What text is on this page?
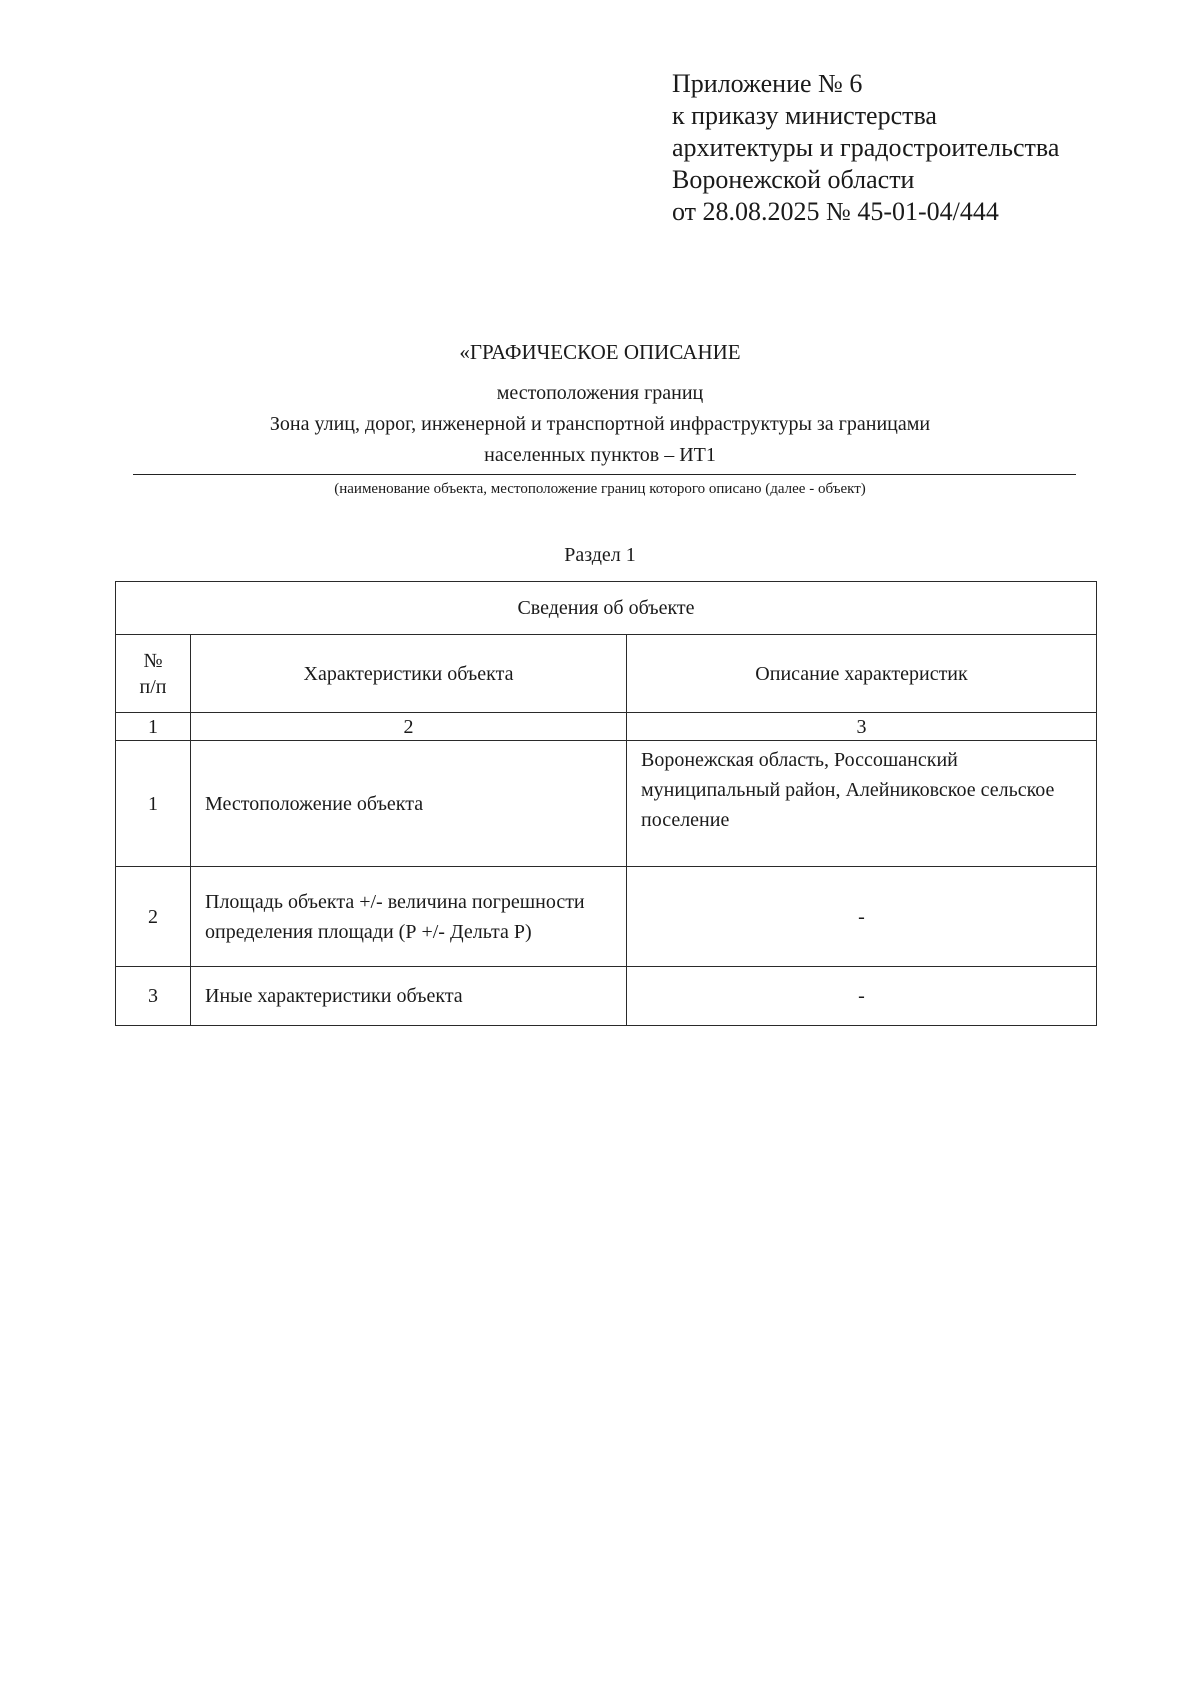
Приложение № 6
к приказу министерства
архитектуры и градостроительства
Воронежской области
от 28.08.2025 № 45-01-04/444
«ГРАФИЧЕСКОЕ ОПИСАНИЕ
местоположения границ
Зона улиц, дорог, инженерной и транспортной инфраструктуры за границами
населенных пунктов – ИТ1
(наименование объекта, местоположение границ которого описано (далее - объект)
Раздел 1
Сведения об объекте		

№
п/п	Характеристики объекта	Описание характеристик
1	2	3
1	Местоположение объекта	Воронежская область, Россошанский муниципальный район, Алейниковское сельское поселение
2	Площадь объекта +/- величина погрешности определения площади (Р +/- Дельта Р)	-
3	Иные характеристики объекта	-
